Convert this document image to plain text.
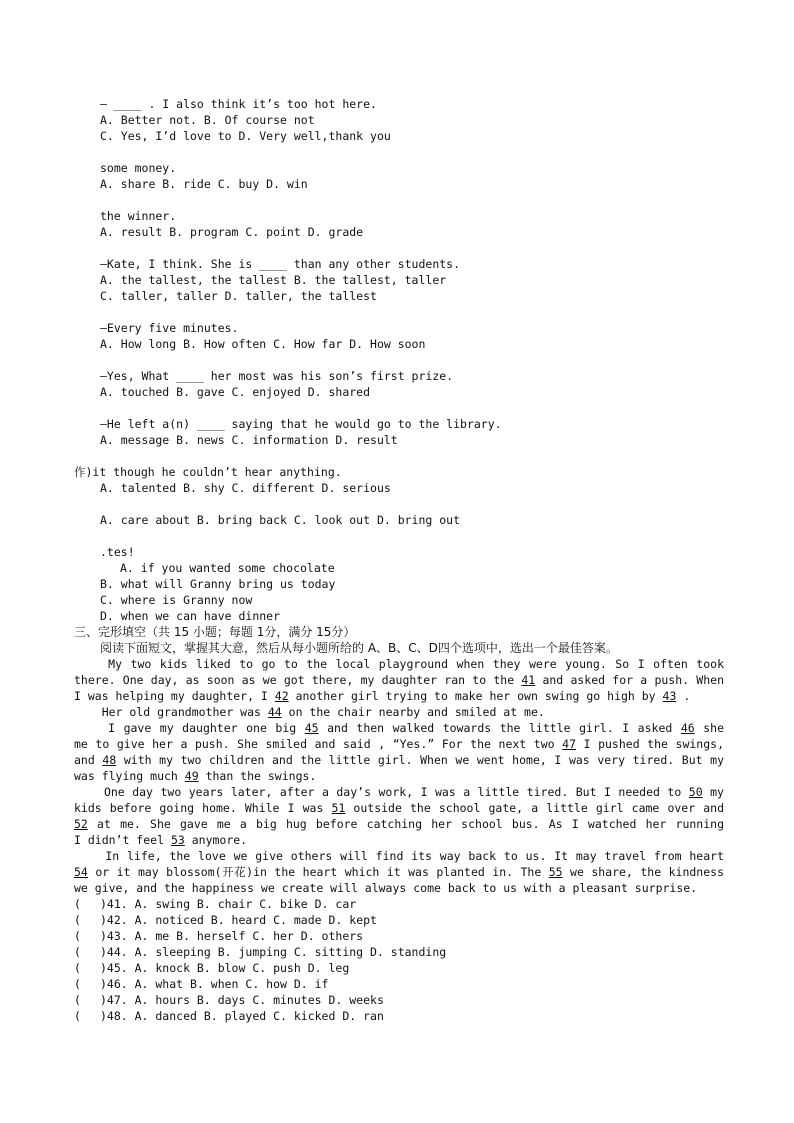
— ____ . I also think it’s too hot here.
A. Better not. B. Of course not
C. Yes, I’d love to D. Very well,thank you

some money.
A. share B. ride C. buy D. win

the winner.
A. result B. program C. point D. grade

—Kate, I think. She is ____ than any other students.
A. the tallest, the tallest B. the tallest, taller
C. taller, taller D. taller, the tallest

—Every five minutes.
A. How long B. How often C. How far D. How soon

—Yes, What ____ her most was his son’s first prize.
A. touched B. gave C. enjoyed D. shared

—He left a(n) ____ saying that he would go to the library.
A. message B. news C. information D. result

作)it though he couldn’t hear anything.
A. talented B. shy C. different D. serious

A. care about B. bring back C. look out D. bring out

.tes!
A. if you wanted some chocolate
B. what will Granny bring us today
C. where is Granny now
D. when we can have dinner
三、完形填空（共 15 小题；每题 1分，满分 15分）
阅读下面短文，掌握其大意，然后从每小题所给的 A、B、C、D四个选项中，选出一个最佳答案。
My two kids liked to go to the local playground when they were young. So I often took
there. One day, as soon as we got there, my daughter ran to the 41 and asked for a push. When
I was helping my daughter, I 42 another girl trying to make her own swing go high by 43 .
Her old grandmother was 44 on the chair nearby and smiled at me.
I gave my daughter one big 45 and then walked towards the little girl. I asked 46 she
me to give her a push. She smiled and said , “Yes.” For the next two 47 I pushed the swings,
and 48 with my two children and the little girl. When we went home, I was very tired. But my
was flying much 49 than the swings.
One day two years later, after a day’s work, I was a little tired. But I needed to 50 my
kids before going home. While I was 51 outside the school gate, a little girl came over and
52 at me. She gave me a big hug before catching her school bus. As I watched her running
I didn’t feel 53 anymore.
In life, the love we give others will find its way back to us. It may travel from heart
54 or it may blossom(开花)in the heart which it was planted in. The 55 we share, the kindness
we give, and the happiness we create will always come back to us with a pleasant surprise.
( )41. A. swing B. chair C. bike D. car
( )42. A. noticed B. heard C. made D. kept
( )43. A. me B. herself C. her D. others
( )44. A. sleeping B. jumping C. sitting D. standing
( )45. A. knock B. blow C. push D. leg
( )46. A. what B. when C. how D. if
( )47. A. hours B. days C. minutes D. weeks
( )48. A. danced B. played C. kicked D. ran
